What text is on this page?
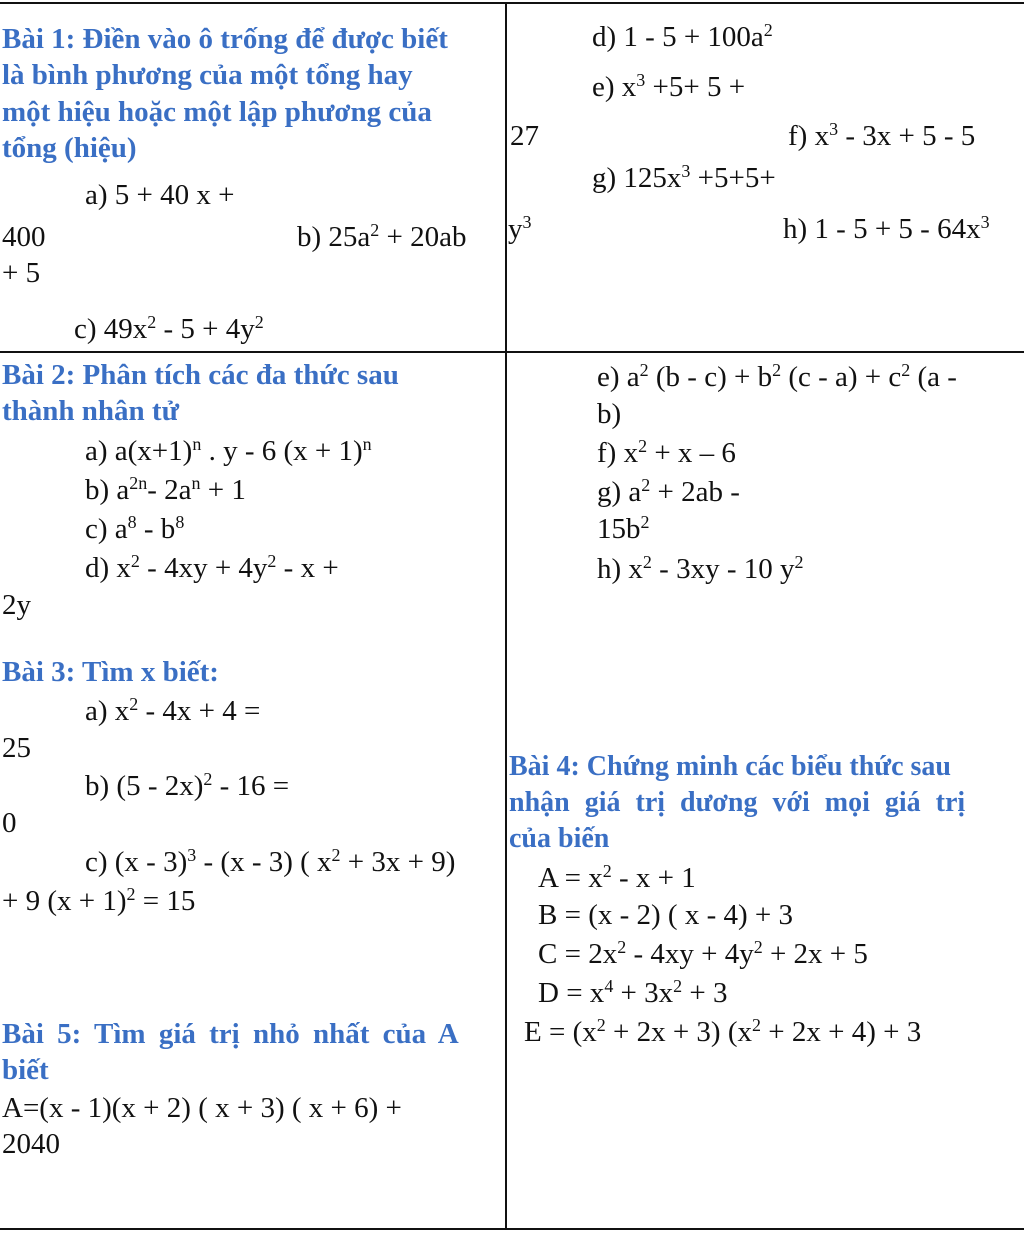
Bài 1: Điền vào ô trống để được biết
là bình phương của một tổng hay
một hiệu hoặc một lập phương của
tổng (hiệu)
a) 5 + 40 x +
400	b) $25a^2 + 20ab$
+ 5
c) $49x^2 - 5 + 4y^2$
d) $1 - 5 + 100a^2$
e) $x^3 +5+ 5$ +
27	f) $x^3 - 3x + 5 - 5$
g) $125x^3 +5+5+$
$y^3$	h) $1 - 5 + 5 - 64x^3$
Bài 2: Phân tích các đa thức sau
thành nhân tử
a) $a(x+1)^n$ . y - 6 $(x + 1)^n$
b) $a^{2n}-$ $2a^n + 1$
c) $a^8 - b^8$
d) $x^2 - 4xy + 4y^2 - x$ +
2y
e) $a^2$ $(b - c) + b^2$ $(c - a) + c^2$ (a -
b)
f) $x^2 + x - 6$
g) $a^2 + 2ab$ -
$15b^2$
h) $x^2 - 3xy - 10$ $y^2$
Bài 3: Tìm x biết:
a) $x^2 - 4x + 4$ =
25
b) (5 - 2x)$^2$ - 16 =
0
c) (x - 3)$^3$ - (x - 3) ( $x^2 + 3x + 9$)
+ 9 $(x + 1)^2 = 15$
Bài 4: Chứng minh các biểu thức sau
nhận giá trị dương với mọi giá trị
của biến
$A = x^2 - x + 1$
B = (x - 2) ( x - 4) + 3
$C = 2x^2 - 4xy + 4y^2 + 2x + 5$
$D = x^4 + 3x^2 + 3$
$E = (x^2 + 2x + 3) (x^2 + 2x + 4) + 3$
Bài 5: Tìm giá trị nhỏ nhất của A
biết
A=(x - 1)(x + 2) ( x + 3) ( x + 6) +
2040
